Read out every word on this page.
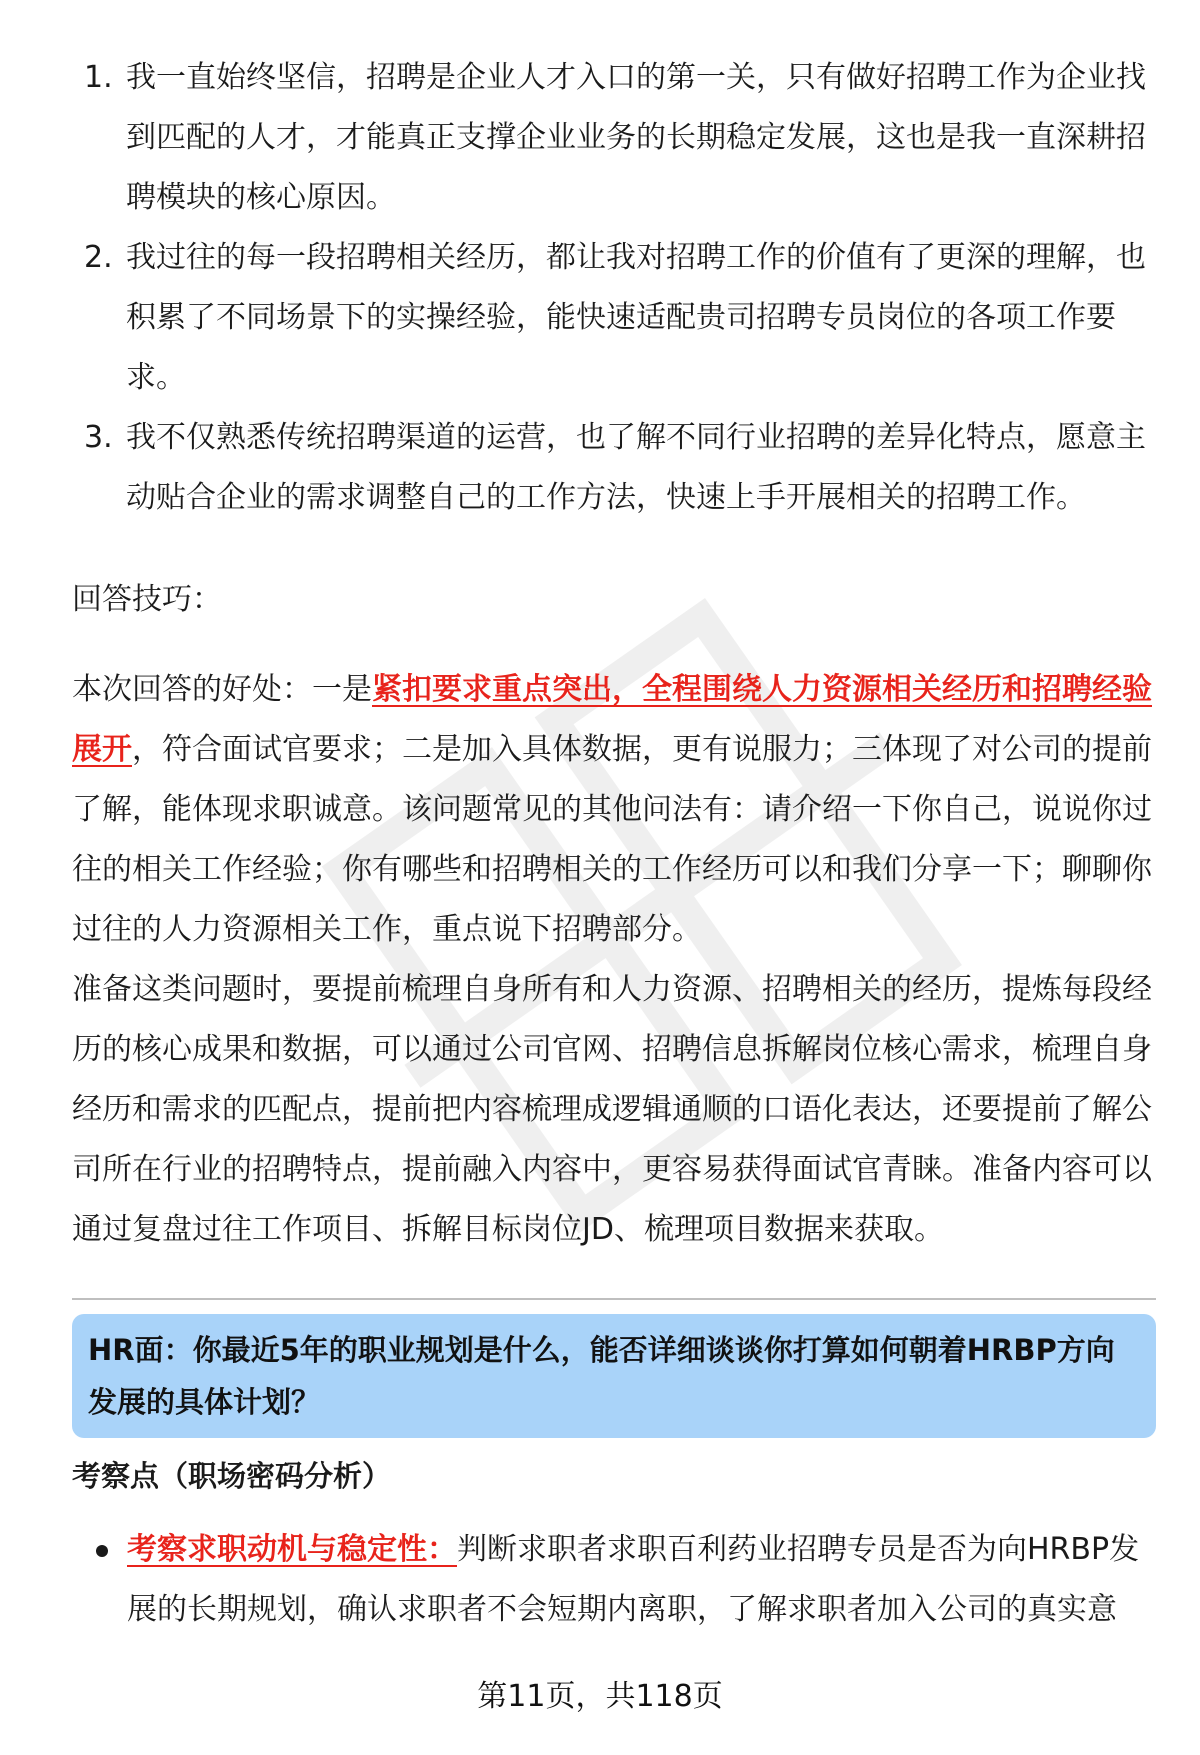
1. 我一直始终坚信，招聘是企业人才入口的第一关，只有做好招聘工作为企业找到匹配的人才，才能真正支撑企业业务的长期稳定发展，这也是我一直深耕招聘模块的核心原因。
2. 我过往的每一段招聘相关经历，都让我对招聘工作的价值有了更深的理解，也积累了不同场景下的实操经验，能快速适配贵司招聘专员岗位的各项工作要求。
3. 我不仅熟悉传统招聘渠道的运营，也了解不同行业招聘的差异化特点，愿意主动贴合企业的需求调整自己的工作方法，快速上手开展相关的招聘工作。

回答技巧：

本次回答的好处：一是紧扣要求重点突出，全程围绕人力资源相关经历和招聘经验展开，符合面试官要求；二是加入具体数据，更有说服力；三体现了对公司的提前了解，能体现求职诚意。该问题常见的其他问法有：请介绍一下你自己，说说你过往的相关工作经验；你有哪些和招聘相关的工作经历可以和我们分享一下；聊聊你过往的人力资源相关工作，重点说下招聘部分。

准备这类问题时，要提前梳理自身所有和人力资源、招聘相关的经历，提炼每段经历的核心成果和数据，可以通过公司官网、招聘信息拆解岗位核心需求，梳理自身经历和需求的匹配点，提前把内容梳理成逻辑通顺的口语化表达，还要提前了解公司所在行业的招聘特点，提前融入内容中，更容易获得面试官青睐。准备内容可以通过复盘过往工作项目、拆解目标岗位JD、梳理项目数据来获取。

HR面：你最近5年的职业规划是什么，能否详细谈谈你打算如何朝着HRBP方向发展的具体计划？
考察点（职场密码分析）
考察求职动机与稳定性：判断求职者求职百利药业招聘专员是否为向HRBP发展的长期规划，确认求职者不会短期内离职，了解求职者加入公司的真实意
第11页，共118页
